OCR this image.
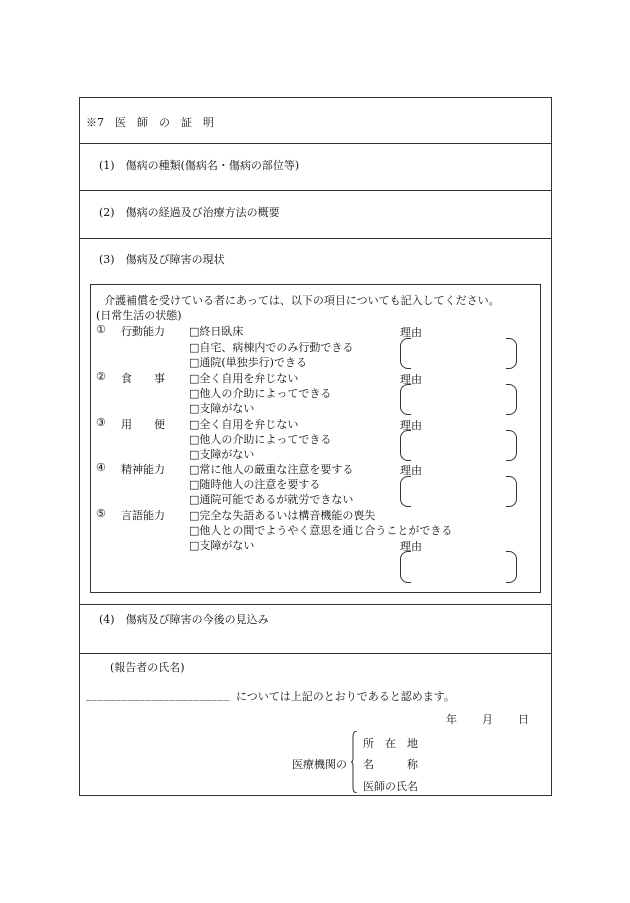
※7　医　師　の　証　明
(1)　傷病の種類(傷病名・傷病の部位等)
(2)　傷病の経過及び治療方法の概要
(3)　傷病及び障害の現状
介護補償を受けている者にあっては、以下の項目についても記入してください。
(日常生活の状態)
① 行動能力 □終日臥床
□自宅、病棟内でのみ行動できる
□通院(単独歩行)できる
理由
② 食　　事 □全く自用を弁じない
□他人の介助によってできる
□支障がない
理由
③ 用　　便 □全く自用を弁じない
□他人の介助によってできる
□支障がない
理由
④ 精神能力 □常に他人の厳重な注意を要する
□随時他人の注意を要する
□通院可能であるが就労できない
理由
⑤ 言語能力 □完全な失語あるいは構音機能の喪失
□他人との間でようやく意思を通じ合うことができる
□支障がない	理由
(4)　傷病及び障害の今後の見込み
(報告者の氏名)
________________________ については上記のとおりであると認めます。
年 月 日
医療機関の
所　在　地
名　　　称
医師の氏名
